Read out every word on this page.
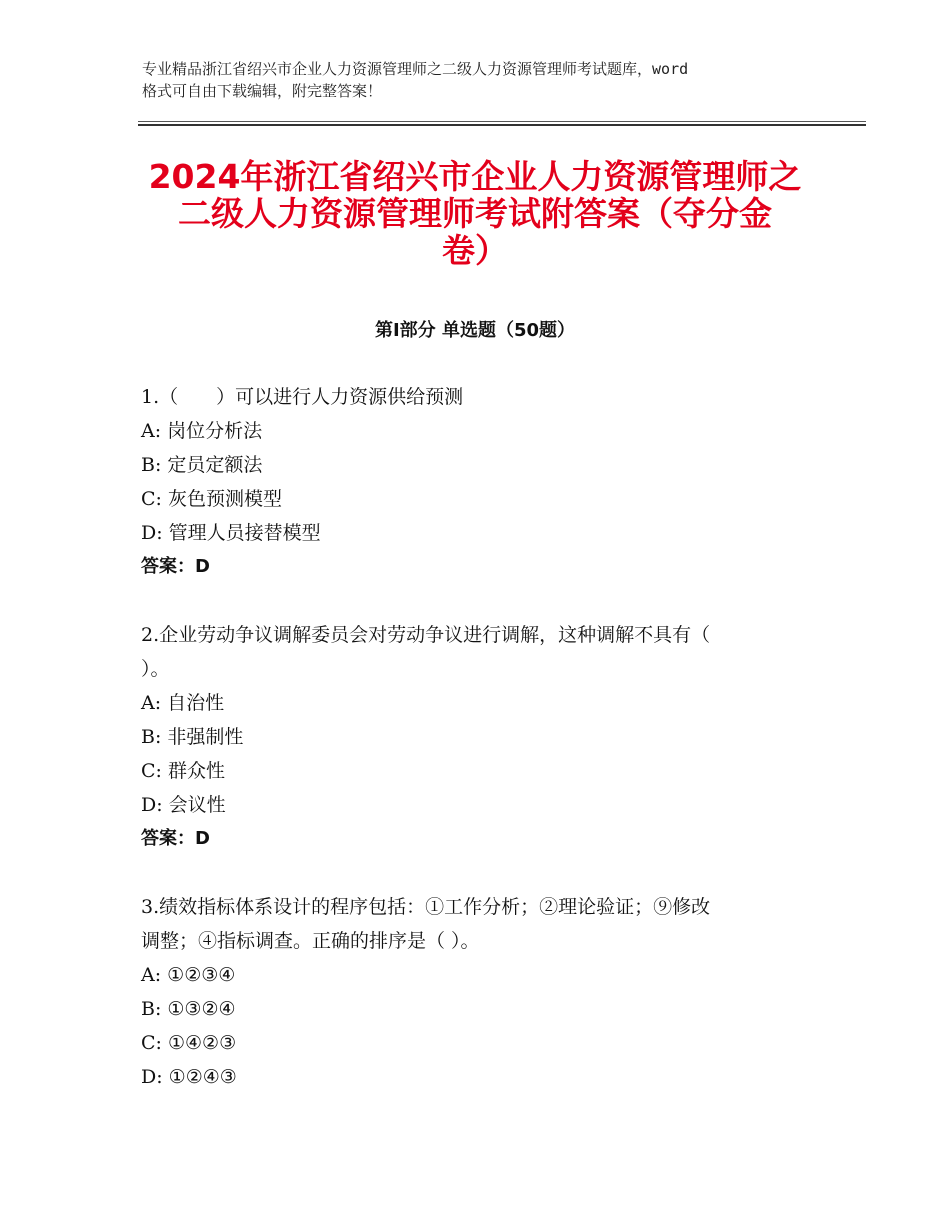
专业精品浙江省绍兴市企业人力资源管理师之二级人力资源管理师考试题库，word
格式可自由下载编辑，附完整答案！
2024年浙江省绍兴市企业人力资源管理师之
二级人力资源管理师考试附答案（夺分金
卷）
第Ⅰ部分 单选题（50题）
1.（　　）可以进行人力资源供给预测
A: 岗位分析法
B: 定员定额法
C: 灰色预测模型
D: 管理人员接替模型
答案：D
2.企业劳动争议调解委员会对劳动争议进行调解，这种调解不具有（
）。
A: 自治性
B: 非强制性
C: 群众性
D: 会议性
答案：D
3.绩效指标体系设计的程序包括：①工作分析；②理论验证；⑨修改
调整；④指标调查。正确的排序是（ ）。
A: ①②③④
B: ①③②④
C: ①④②③
D: ①②④③
